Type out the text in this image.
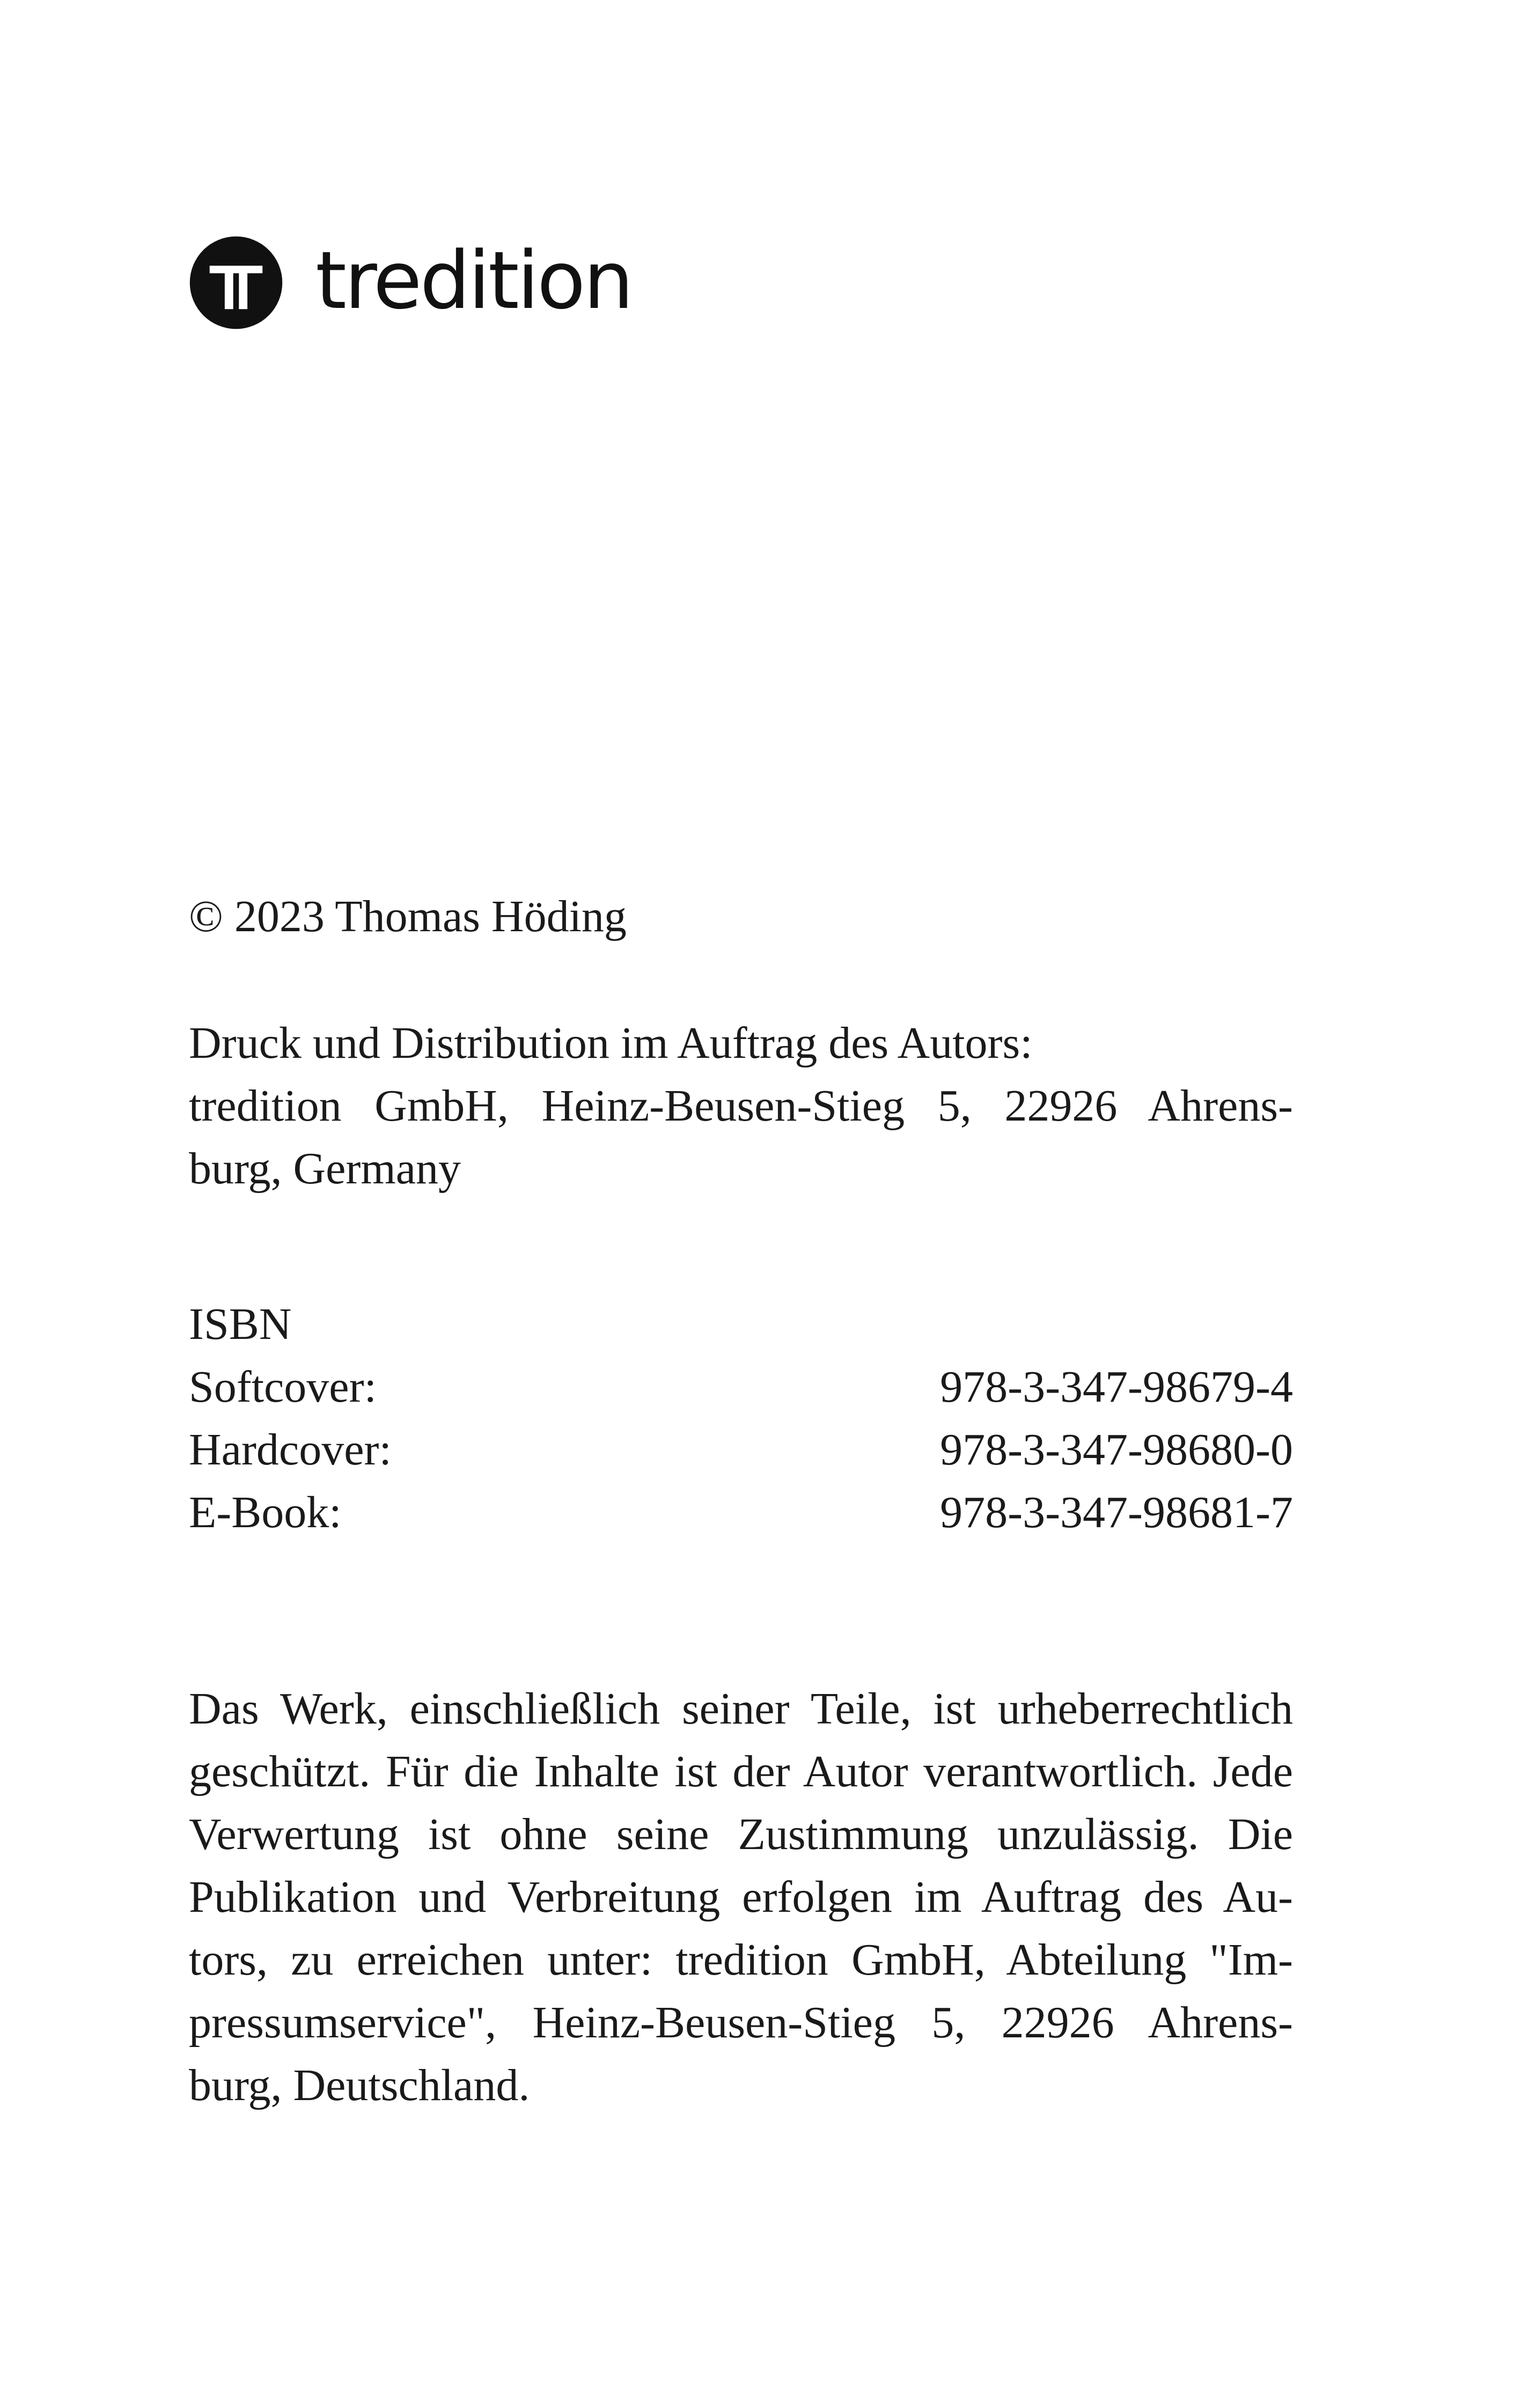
tredition
© 2023 Thomas Höding
Druck und Distribution im Auftrag des Autors:
tredition GmbH, Heinz-Beusen-Stieg 5, 22926 Ahrens-
burg, Germany
ISBN
Softcover:	978-3-347-98679-4
Hardcover:	978-3-347-98680-0
E-Book:	978-3-347-98681-7
Das Werk, einschließlich seiner Teile, ist urheberrechtlich
geschützt. Für die Inhalte ist der Autor verantwortlich. Jede
Verwertung ist ohne seine Zustimmung unzulässig. Die
Publikation und Verbreitung erfolgen im Auftrag des Au-
tors, zu erreichen unter: tredition GmbH, Abteilung "Im-
pressumservice", Heinz-Beusen-Stieg 5, 22926 Ahrens-
burg, Deutschland.
